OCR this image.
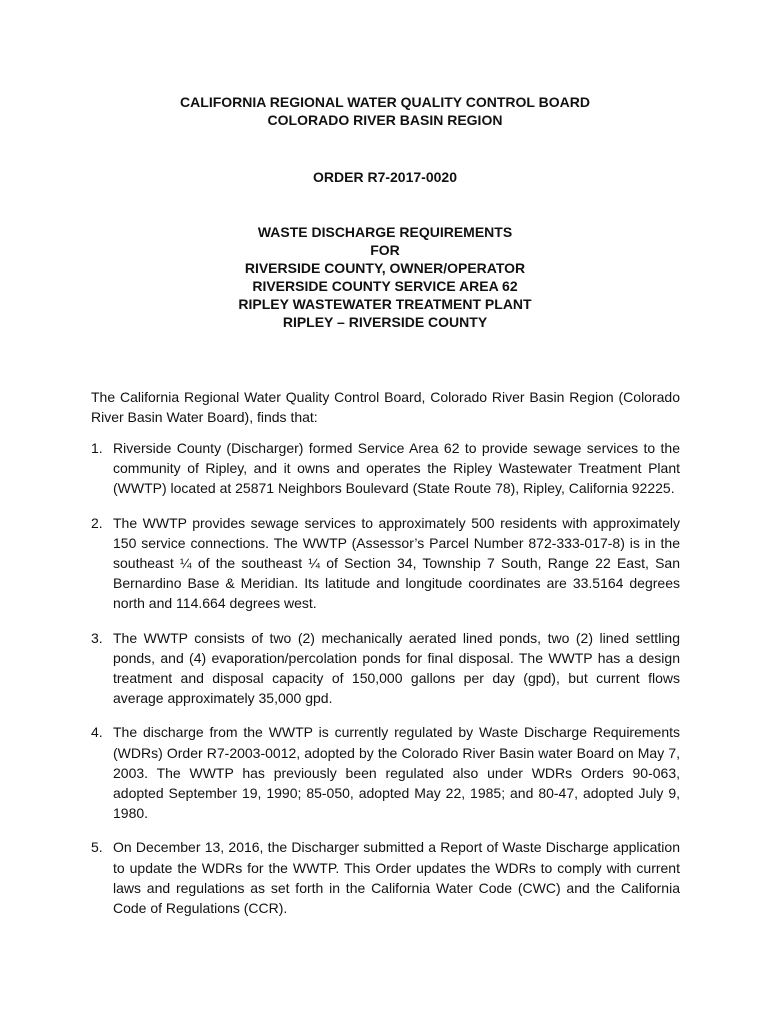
CALIFORNIA REGIONAL WATER QUALITY CONTROL BOARD
COLORADO RIVER BASIN REGION
ORDER R7-2017-0020
WASTE DISCHARGE REQUIREMENTS
FOR
RIVERSIDE COUNTY, OWNER/OPERATOR
RIVERSIDE COUNTY SERVICE AREA 62
RIPLEY WASTEWATER TREATMENT PLANT
RIPLEY – RIVERSIDE COUNTY

The California Regional Water Quality Control Board, Colorado River Basin Region (Colorado River Basin Water Board), finds that:

1. Riverside County (Discharger) formed Service Area 62 to provide sewage services to the community of Ripley, and it owns and operates the Ripley Wastewater Treatment Plant (WWTP) located at 25871 Neighbors Boulevard (State Route 78), Ripley, California 92225.
2. The WWTP provides sewage services to approximately 500 residents with approximately 150 service connections. The WWTP (Assessor’s Parcel Number 872-333-017-8) is in the southeast ¼ of the southeast ¼ of Section 34, Township 7 South, Range 22 East, San Bernardino Base & Meridian. Its latitude and longitude coordinates are 33.5164 degrees north and 114.664 degrees west.
3. The WWTP consists of two (2) mechanically aerated lined ponds, two (2) lined settling ponds, and (4) evaporation/percolation ponds for final disposal. The WWTP has a design treatment and disposal capacity of 150,000 gallons per day (gpd), but current flows average approximately 35,000 gpd.
4. The discharge from the WWTP is currently regulated by Waste Discharge Requirements (WDRs) Order R7-2003-0012, adopted by the Colorado River Basin water Board on May 7, 2003. The WWTP has previously been regulated also under WDRs Orders 90-063, adopted September 19, 1990; 85-050, adopted May 22, 1985; and 80-47, adopted July 9, 1980.
5. On December 13, 2016, the Discharger submitted a Report of Waste Discharge application to update the WDRs for the WWTP. This Order updates the WDRs to comply with current laws and regulations as set forth in the California Water Code (CWC) and the California Code of Regulations (CCR).
